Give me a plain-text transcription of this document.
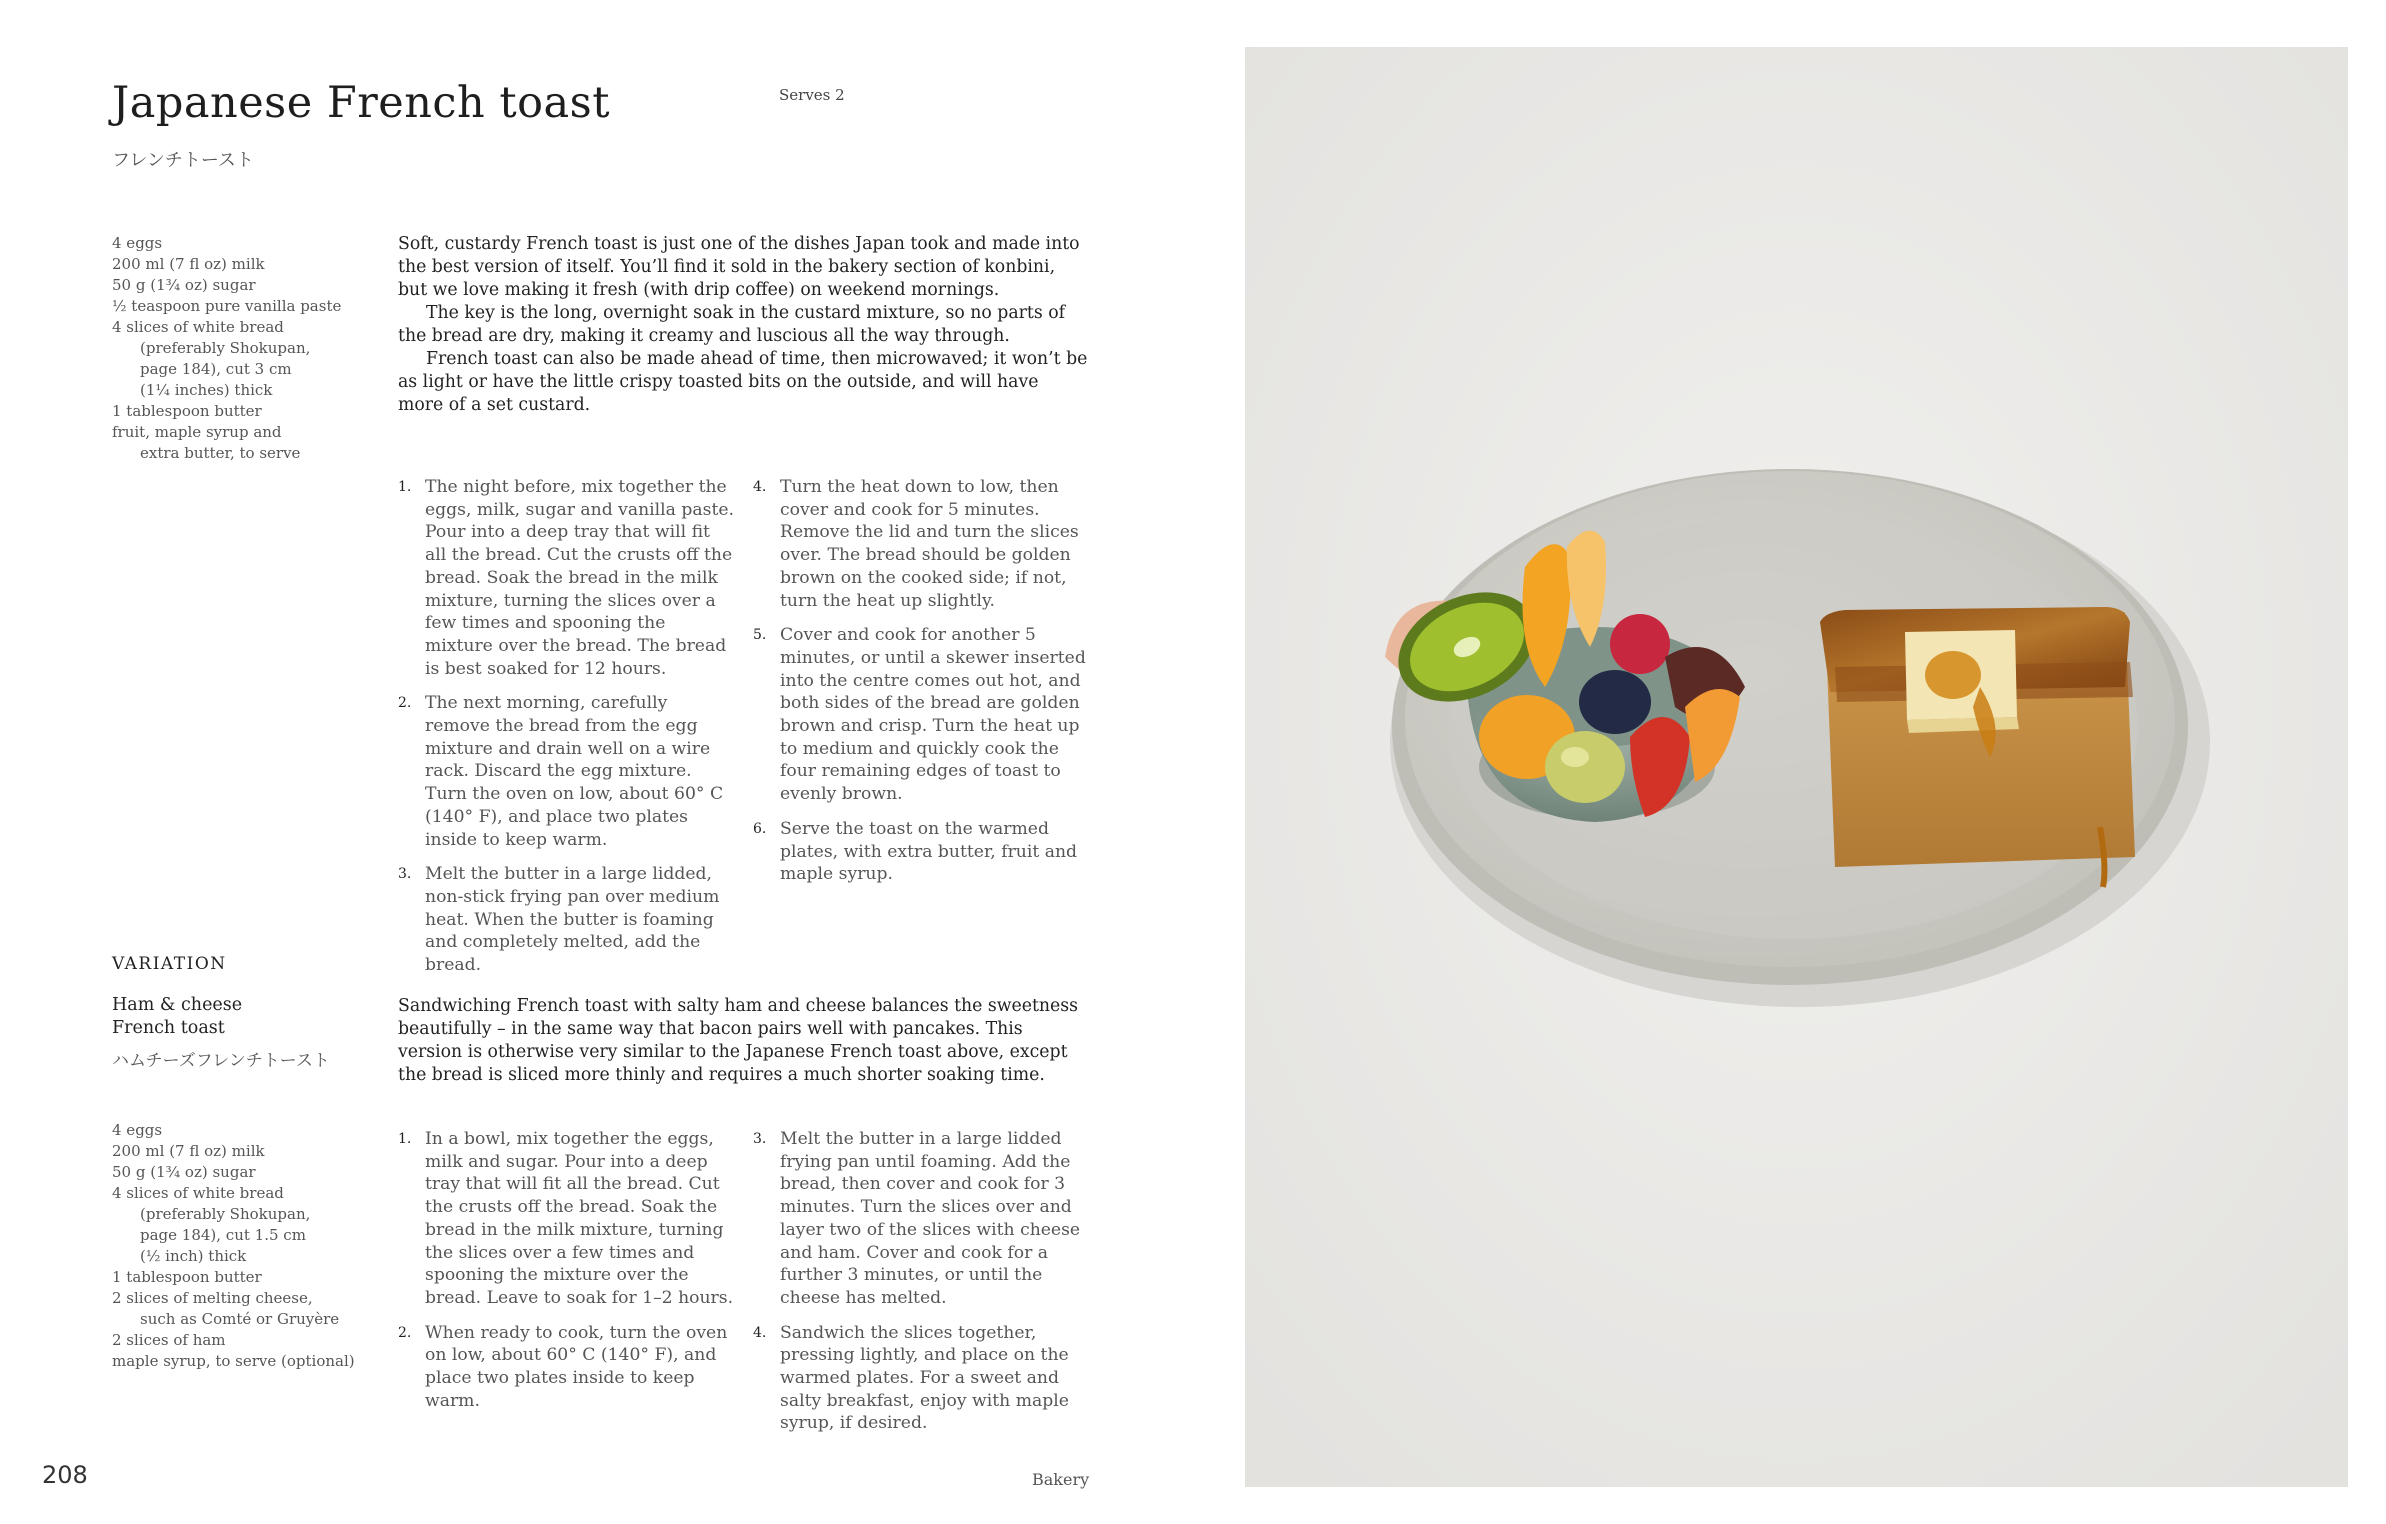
Japanese French toast
フレンチトースト
Serves 2
4 eggs
200 ml (7 fl oz) milk
50 g (1¾ oz) sugar
½ teaspoon pure vanilla paste
4 slices of white bread
(preferably Shokupan,
page 184), cut 3 cm
(1¼ inches) thick
1 tablespoon butter
fruit, maple syrup and
extra butter, to serve

Soft, custardy French toast is just one of the dishes Japan took and made into the best version of itself. You’ll find it sold in the bakery section of konbini, but we love making it fresh (with drip coffee) on weekend mornings.

The key is the long, overnight soak in the custard mixture, so no parts of the bread are dry, making it creamy and luscious all the way through.

French toast can also be made ahead of time, then microwaved; it won’t be as light or have the little crispy toasted bits on the outside, and will have more of a set custard.

1. The night before, mix together the eggs, milk, sugar and vanilla paste. Pour into a deep tray that will fit all the bread. Cut the crusts off the bread. Soak the bread in the milk mixture, turning the slices over a few times and spooning the mixture over the bread. The bread is best soaked for 12 hours.
2. The next morning, carefully remove the bread from the egg mixture and drain well on a wire rack. Discard the egg mixture. Turn the oven on low, about 60° C (140° F), and place two plates inside to keep warm.
3. Melt the butter in a large lidded, non-stick frying pan over medium heat. When the butter is foaming and completely melted, add the bread.
4. Turn the heat down to low, then cover and cook for 5 minutes. Remove the lid and turn the slices over. The bread should be golden brown on the cooked side; if not, turn the heat up slightly.
5. Cover and cook for another 5 minutes, or until a skewer inserted into the centre comes out hot, and both sides of the bread are golden brown and crisp. Turn the heat up to medium and quickly cook the four remaining edges of toast to evenly brown.
6. Serve the toast on the warmed plates, with extra butter, fruit and maple syrup.
VARIATION
Ham & cheese
French toast
ハムチーズフレンチトースト

Sandwiching French toast with salty ham and cheese balances the sweetness beautifully – in the same way that bacon pairs well with pancakes. This version is otherwise very similar to the Japanese French toast above, except the bread is sliced more thinly and requires a much shorter soaking time.

4 eggs
200 ml (7 fl oz) milk
50 g (1¾ oz) sugar
4 slices of white bread
(preferably Shokupan,
page 184), cut 1.5 cm
(½ inch) thick
1 tablespoon butter
2 slices of melting cheese,
such as Comté or Gruyère
2 slices of ham
maple syrup, to serve (optional)
1. In a bowl, mix together the eggs, milk and sugar. Pour into a deep tray that will fit all the bread. Cut the crusts off the bread. Soak the bread in the milk mixture, turning the slices over a few times and spooning the mixture over the bread. Leave to soak for 1–2 hours.
2. When ready to cook, turn the oven on low, about 60° C (140° F), and place two plates inside to keep warm.
3. Melt the butter in a large lidded frying pan until foaming. Add the bread, then cover and cook for 3 minutes. Turn the slices over and layer two of the slices with cheese and ham. Cover and cook for a further 3 minutes, or until the cheese has melted.
4. Sandwich the slices together, pressing lightly, and place on the warmed plates. For a sweet and salty breakfast, enjoy with maple syrup, if desired.
208	Bakery
